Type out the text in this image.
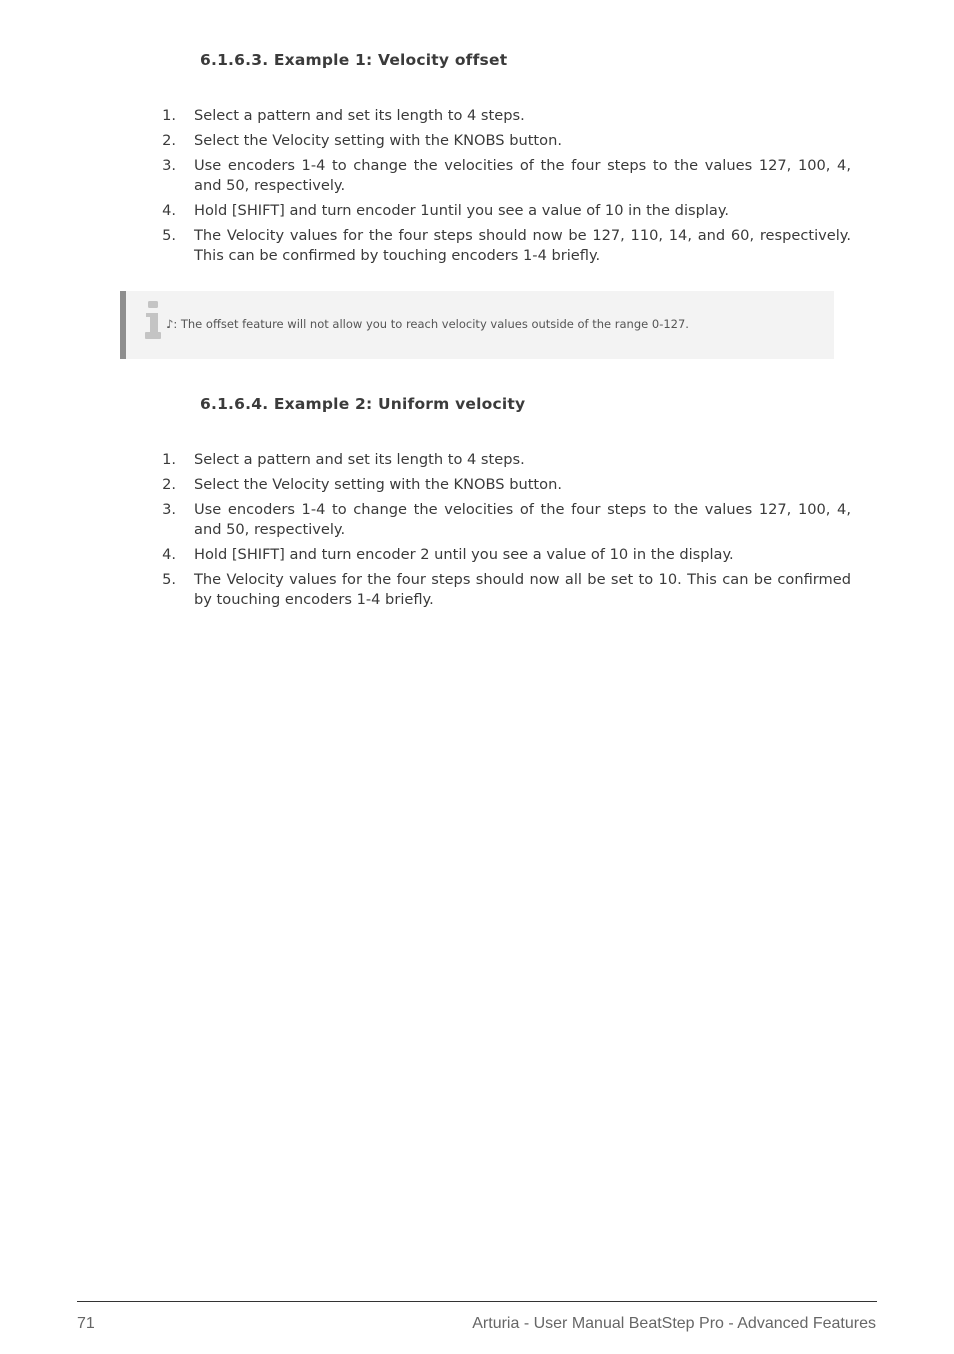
6.1.6.3. Example 1: Velocity offset
1. Select a pattern and set its length to 4 steps.
2. Select the Velocity setting with the KNOBS button.
3. Use encoders 1-4 to change the velocities of the four steps to the values 127, 100, 4, and 50, respectively.
4. Hold [SHIFT] and turn encoder 1until you see a value of 10 in the display.
5. The Velocity values for the four steps should now be 127, 110, 14, and 60, respectively. This can be confirmed by touching encoders 1-4 briefly.
♪: The offset feature will not allow you to reach velocity values outside of the range 0-127.
6.1.6.4. Example 2: Uniform velocity
1. Select a pattern and set its length to 4 steps.
2. Select the Velocity setting with the KNOBS button.
3. Use encoders 1-4 to change the velocities of the four steps to the values 127, 100, 4, and 50, respectively.
4. Hold [SHIFT] and turn encoder 2 until you see a value of 10 in the display.
5. The Velocity values for the four steps should now all be set to 10. This can be confirmed by touching encoders 1-4 briefly.
71	Arturia - User Manual BeatStep Pro - Advanced Features
